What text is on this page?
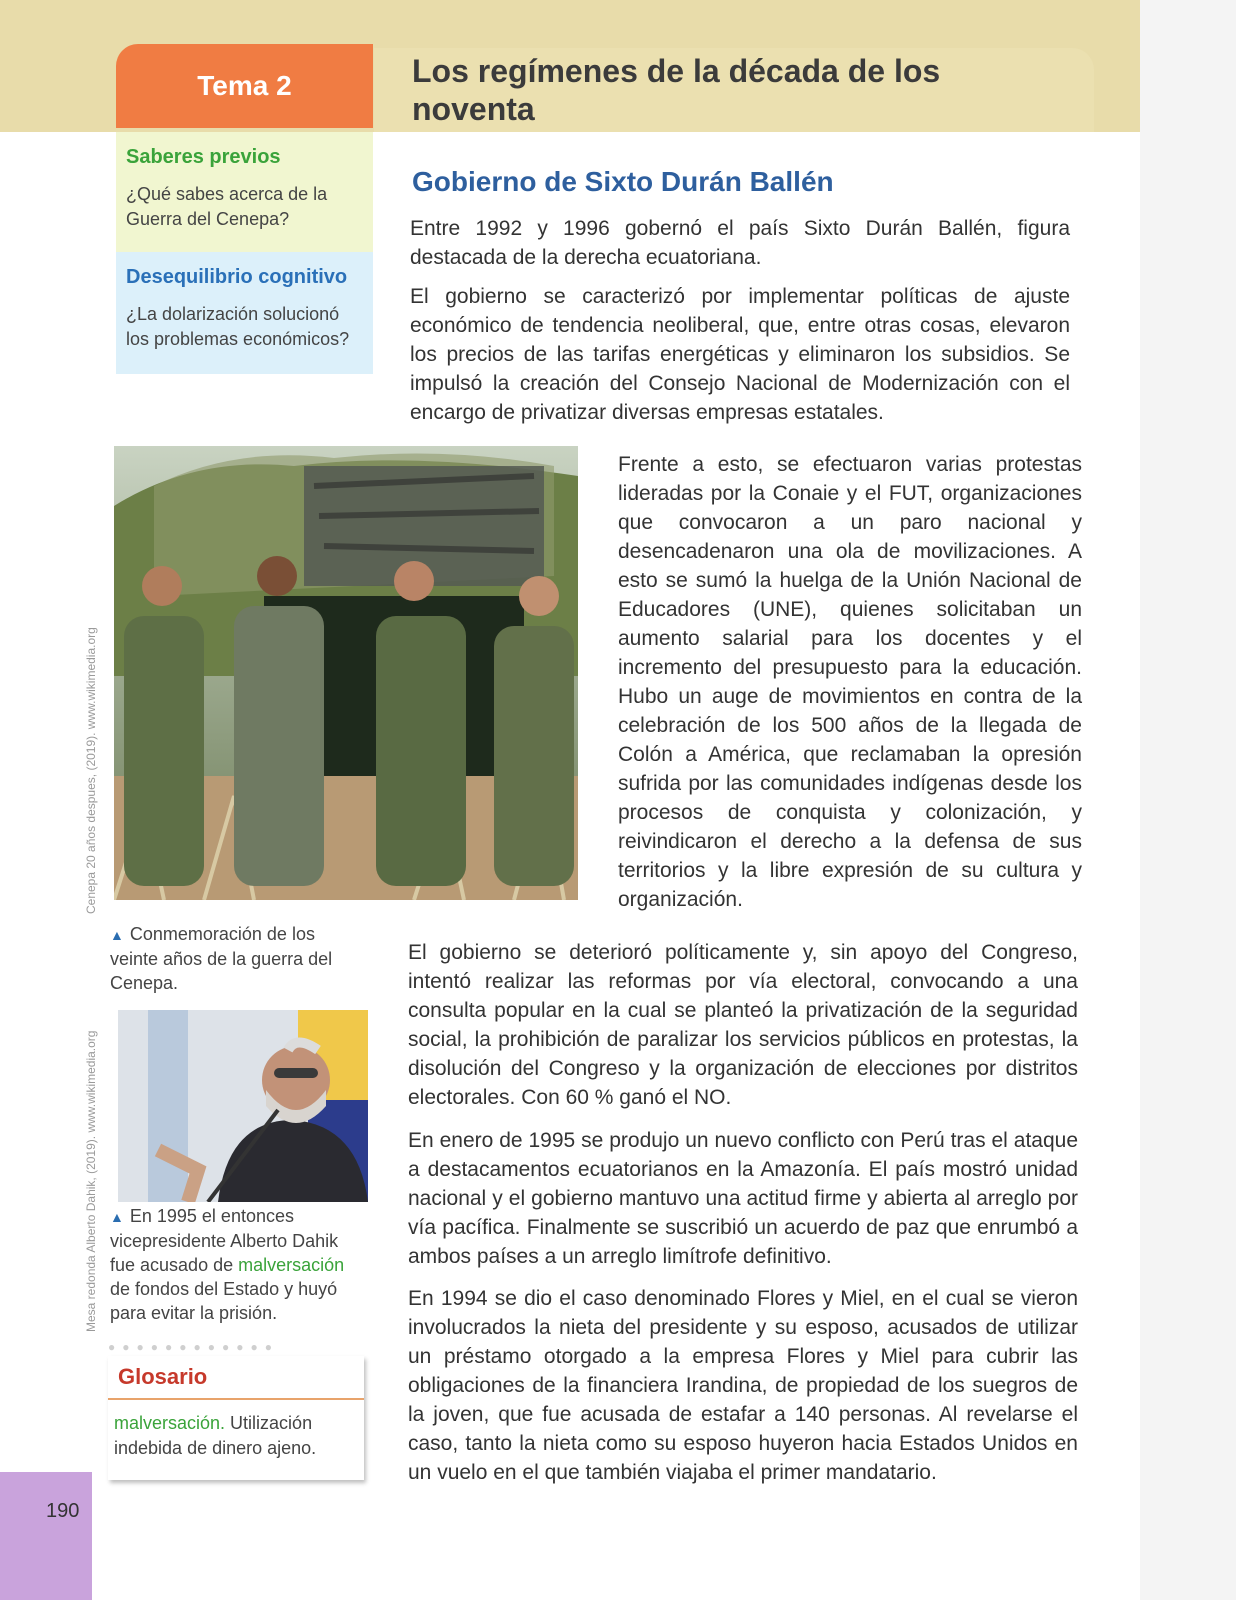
Tema 2	Los regímenes de la década de los noventa
Saberes previos
¿Qué sabes acerca de la Guerra del Cenepa?
Desequilibrio cognitivo
¿La dolarización solucionó los problemas económicos?
Gobierno de Sixto Durán Ballén

Entre 1992 y 1996 gobernó el país Sixto Durán Ballén, figura destacada de la derecha ecuatoriana.

El gobierno se caracterizó por implementar políticas de ajuste económico de tendencia neoliberal, que, entre otras cosas, elevaron los precios de las tarifas energéticas y eliminaron los subsidios. Se impulsó la creación del Consejo Nacional de Modernización con el encargo de privatizar diversas empresas estatales.

Cenepa 20 años despues, (2019). www.wikimedia.org
▲ Conmemoración de los veinte años de la guerra del Cenepa.

Frente a esto, se efectuaron varias protestas lideradas por la Conaie y el FUT, organizaciones que convocaron a un paro nacional y desencadenaron una ola de movilizaciones. A esto se sumó la huelga de la Unión Nacional de Educadores (UNE), quienes solicitaban un aumento salarial para los docentes y el incremento del presupuesto para la educación. Hubo un auge de movimientos en contra de la celebración de los 500 años de la llegada de Colón a América, que reclamaban la opresión sufrida por las comunidades indígenas desde los procesos de conquista y colonización, y reivindicaron el derecho a la defensa de sus territorios y la libre expresión de su cultura y organización.

Mesa redonda Alberto Dahik, (2019). www.wikimedia.org ▲ En 1995 el entonces vicepresidente Alberto Dahik fue acusado de malversación de fondos del Estado y huyó para evitar la prisión.

El gobierno se deterioró políticamente y, sin apoyo del Congreso, intentó realizar las reformas por vía electoral, convocando a una consulta popular en la cual se planteó la privatización de la seguridad social, la prohibición de paralizar los servicios públicos en protestas, la disolución del Congreso y la organización de elecciones por distritos electorales. Con 60 % ganó el NO.

En enero de 1995 se produjo un nuevo conflicto con Perú tras el ataque a destacamentos ecuatorianos en la Amazonía. El país mostró unidad nacional y el gobierno mantuvo una actitud firme y abierta al arreglo por vía pacífica. Finalmente se suscribió un acuerdo de paz que enrumbó a ambos países a un arreglo limítrofe definitivo.

En 1994 se dio el caso denominado Flores y Miel, en el cual se vieron involucrados la nieta del presidente y su esposo, acusados de utilizar un préstamo otorgado a la empresa Flores y Miel para cubrir las obligaciones de la financiera Irandina, de propiedad de los suegros de la joven, que fue acusada de estafar a 140 personas. Al revelarse el caso, tanto la nieta como su esposo huyeron hacia Estados Unidos en un vuelo en el que también viajaba el primer mandatario.

●●●●●●●●●●●●
Glosario
malversación. Utilización indebida de dinero ajeno.
190
